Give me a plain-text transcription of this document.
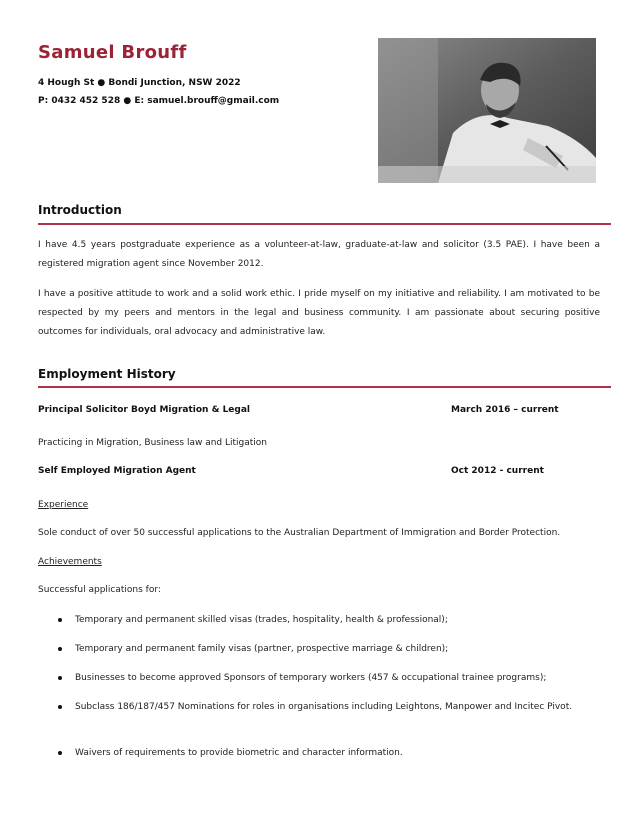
Samuel Brouff
4 Hough St ● Bondi Junction, NSW 2022
P: 0432 452 528 ● E: samuel.brouff@gmail.com
Introduction
I have 4.5 years postgraduate experience as a volunteer-at-law, graduate-at-law and solicitor (3.5 PAE). I have been a registered migration agent since November 2012.
I have a positive attitude to work and a solid work ethic. I pride myself on my initiative and reliability. I am motivated to be respected by my peers and mentors in the legal and business community. I am passionate about securing positive outcomes for individuals, oral advocacy and administrative law.
Employment History
Principal Solicitor Boyd Migration & Legal	March 2016 – current
Practicing in Migration, Business law and Litigation
Self Employed Migration Agent	Oct 2012 - current
Experience
Sole conduct of over 50 successful applications to the Australian Department of Immigration and Border Protection.
Achievements
Successful applications for:
Temporary and permanent skilled visas (trades, hospitality, health & professional);
Temporary and permanent family visas (partner, prospective marriage & children);
Businesses to become approved Sponsors of temporary workers (457 & occupational trainee programs);
Subclass 186/187/457 Nominations for roles in organisations including Leightons, Manpower and Incitec Pivot.
Waivers of requirements to provide biometric and character information.
